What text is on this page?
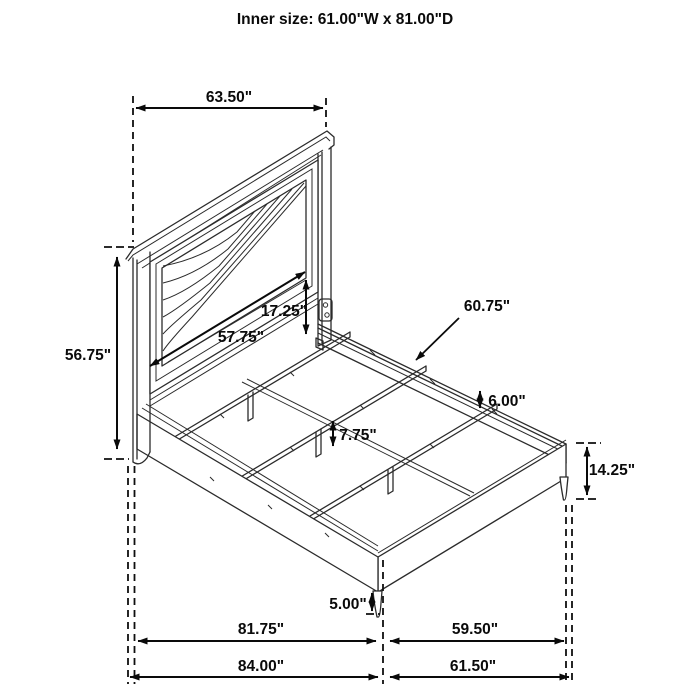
Inner size: 61.00"W x 81.00"D
63.50"
56.75"
17.25"
57.75"
60.75"
6.00"
7.75"
14.25"
5.00"
81.75"	59.50"
84.00"	61.50"
